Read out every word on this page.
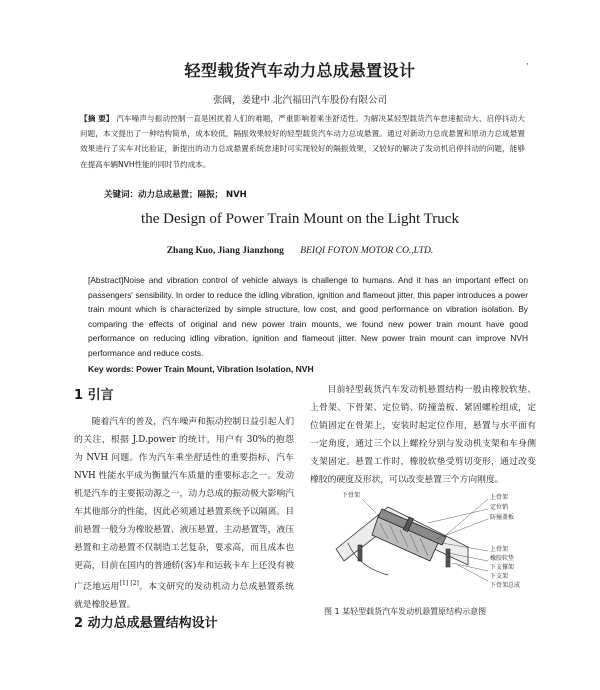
轻型载货汽车动力总成悬置设计	·
张阔，姜建中 北汽福田汽车股份有限公司
【摘 要】 汽车噪声与振动控制一直是困扰着人们的难题，严重影响着乘坐舒适性。为解决某轻型载货汽车怠速振动大、启停抖动大问题，本文提出了一种结构简单，成本较低，隔振效果较好的轻型载货汽车动力总成悬置。通过对新动力总成悬置和原动力总成悬置效果进行了实车对比验证，新提出的动力总成悬置系统怠速时可实现较好的隔振效果，又较好的解决了发动机启停抖动的问题，能够在提高车辆NVH性能的同时节约成本。
关键词：动力总成悬置；隔振； NVH
the Design of Power Train Mount on the Light Truck
Zhang Kuo, Jiang Jianzhong BEIQI FOTON MOTOR CO.,LTD.
[Abstract]Noise and vibration control of vehicle always is challenge to humans. And it has an important effect on passengers' sensibility. In order to reduce the idling vibration, ignition and flameout jitter, this paper introduces a power train mount which is characterized by simple structure, low cost, and good performance on vibration isolation. By comparing the effects of original and new power train mounts, we found new power train mount have good performance on reducing idling vibration, ignition and flameout jitter. New power train mount can improve NVH performance and reduce costs.
Key words: Power Train Mount, Vibration Isolation, NVH
1 引言
随着汽车的普及，汽车噪声和振动控制日益引起人们的关注，根据 J.D.power 的统计，用户有 30%的抱怨为 NVH 问题。作为汽车乘坐舒适性的重要指标，汽车 NVH 性能水平成为衡量汽车质量的重要标志之一。发动机是汽车的主要振动源之一，动力总成的振动极大影响汽车其他部分的性能，因此必须通过悬置系统予以隔离。目前悬置一般分为橡胶悬置、液压悬置、主动悬置等，液压悬置和主动悬置不仅制造工艺复杂，要求高，而且成本也更高，目前在国内的普通轿(客)车和运载卡车上还没有被广泛地运用[1] [2]。本文研究的发动机动力总成悬置系统就是橡胶悬置。
2 动力总成悬置结构设计
目前轻型载货汽车发动机悬置结构一般由橡胶软垫、上骨架、下骨架、定位销、防撞盖板、紧固螺栓组成，定位销固定在骨架上，安装时起定位作用，悬置与水平面有一定角度，通过三个以上螺栓分别与发动机支架和车身侧支架固定。悬置工作时，橡胶软垫受剪切变形，通过改变橡胶的硬度及形状，可以改变悬置三个方向刚度。
下骨架	上骨架
定位销
防撞盖板
上骨架
橡胶软垫
下支撑架
下支架
下骨架总成
图 1 某轻型载货汽车发动机悬置原结构示意图
